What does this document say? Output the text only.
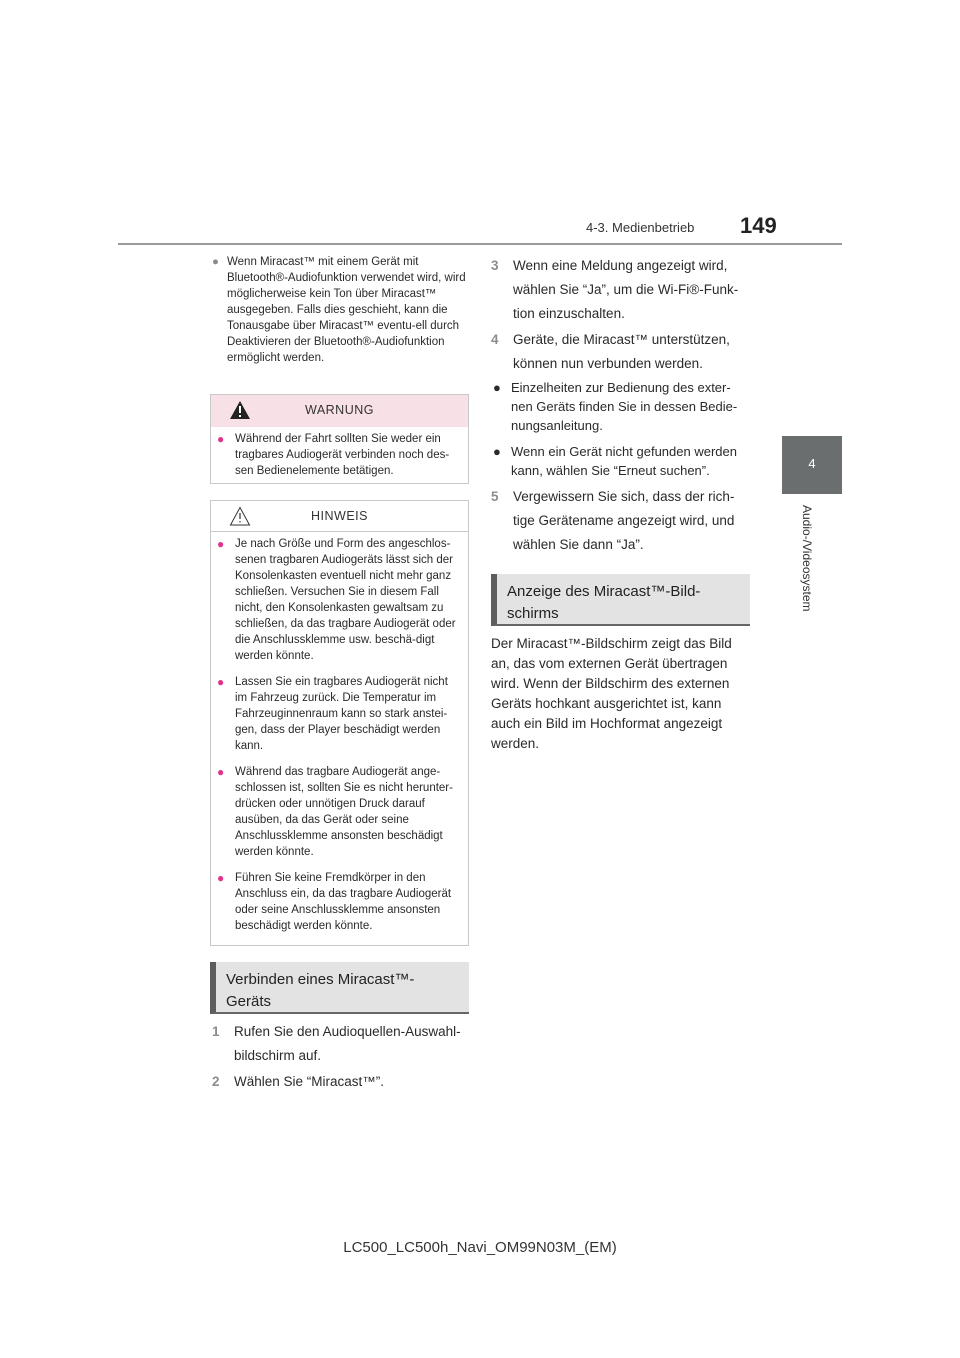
4-3. Medienbetrieb 149
4
Audio-/Videosystem
● Wenn Miracast™ mit einem Gerät mit Bluetooth®-Audiofunktion verwendet wird, wird möglicherweise kein Ton über Miracast™ ausgegeben. Falls dies geschieht, kann die Tonausgabe über Miracast™ eventu-ell durch Deaktivieren der Bluetooth®-Audiofunktion ermöglicht werden.
WARNUNG
● Während der Fahrt sollten Sie weder ein tragbares Audiogerät verbinden noch des-sen Bedienelemente betätigen.
HINWEIS
● Je nach Größe und Form des angeschlos-senen tragbaren Audiogeräts lässt sich der Konsolenkasten eventuell nicht mehr ganz schließen. Versuchen Sie in diesem Fall nicht, den Konsolenkasten gewaltsam zu schließen, da das tragbare Audiogerät oder die Anschlussklemme usw. beschä-digt werden könnte.
● Lassen Sie ein tragbares Audiogerät nicht im Fahrzeug zurück. Die Temperatur im Fahrzeuginnenraum kann so stark anstei-gen, dass der Player beschädigt werden kann.
● Während das tragbare Audiogerät ange-schlossen ist, sollten Sie es nicht herunter-drücken oder unnötigen Druck darauf ausüben, da das Gerät oder seine Anschlussklemme ansonsten beschädigt werden könnte.
● Führen Sie keine Fremdkörper in den Anschluss ein, da das tragbare Audiogerät oder seine Anschlussklemme ansonsten beschädigt werden könnte.
Verbinden eines Miracast™-Geräts
1 Rufen Sie den Audioquellen-Auswahl-bildschirm auf.
2 Wählen Sie “Miracast™”.
3 Wenn eine Meldung angezeigt wird, wählen Sie “Ja”, um die Wi-Fi®-Funk-tion einzuschalten.
4 Geräte, die Miracast™ unterstützen, können nun verbunden werden.
● Einzelheiten zur Bedienung des exter-nen Geräts finden Sie in dessen Bedie-nungsanleitung.
● Wenn ein Gerät nicht gefunden werden kann, wählen Sie “Erneut suchen”.
5 Vergewissern Sie sich, dass der rich-tige Gerätename angezeigt wird, und wählen Sie dann “Ja”.
Anzeige des Miracast™-Bild-schirms
Der Miracast™-Bildschirm zeigt das Bild an, das vom externen Gerät übertragen wird. Wenn der Bildschirm des externen Geräts hochkant ausgerichtet ist, kann auch ein Bild im Hochformat angezeigt werden.
LC500_LC500h_Navi_OM99N03M_(EM)
